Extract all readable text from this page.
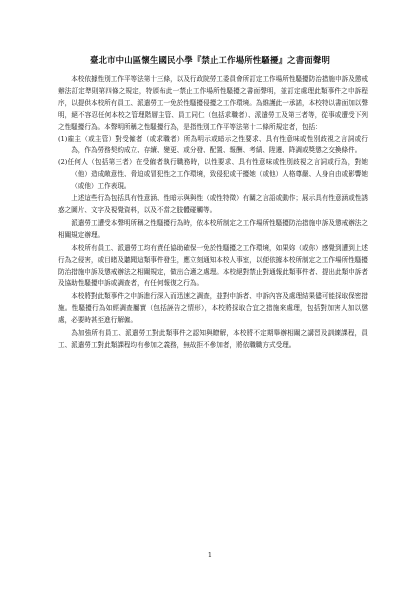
臺北市中山區懷生國民小學『禁止工作場所性騷擾』之書面聲明

本校依據性別工作平等法第十三條，以及行政院勞工委員會所訂定工作場所性騷擾防治措施申訴及懲戒辦法訂定準則第四條之規定，特頒布此一禁止工作場所性騷擾之書面聲明，並訂定處理此類事件之申訴程序，以提供本校所有員工、派遣勞工一免於性騷擾侵擾之工作環境。為維護此一承諾，本校特以書面加以聲明，絕不容忍任何本校之管理階層主管、員工同仁（包括求職者）、派遣勞工及第三者等，從事或遭受下列之性騷擾行為。本聲明所稱之性騷擾行為，是指性別工作平等法第十二條所規定者，包括：

(1)雇主（或主管）對受僱者（或求職者）所為明示或暗示之性要求、具有性意味或性別歧視之言詞或行為，作為勞務契約成立、存續、變更、或分發、配置、報酬、考績、陞遷、降調或獎懲之交換條件。
(2)任何人（包括第三者）在受僱者執行職務時，以性要求、具有性意味或性別歧視之言詞或行為，對她（他）造成敵意性、脅迫或冒犯性之工作環境，致侵犯或干擾她（或他）人格尊嚴、人身自由或影響她（或他）工作表現。

上述這些行為包括具有性意涵、性暗示與與性（或性特徵）有關之言語或動作；展示具有性意涵或性誘惑之圖片、文字及視覺資料，以及不當之肢體碰觸等。

派遣勞工遭受本聲明所稱之性騷擾行為時，依本校所制定之工作場所性騷擾防治措施申訴及懲戒辦法之相關規定辦理。

本校所有員工、派遣勞工均有責任協助確保一免於性騷擾之工作環境，如果妳（或你）感覺到遭到上述行為之侵害，或目睹及聽聞這類事件發生，應立刻通知本校人事室，以便依據本校所制定之工作場所性騷擾防治措施申訴及懲戒辦法之相關規定，做出合適之處理。本校絕對禁止對通報此類事件者、提出此類申訴者及協助性騷擾申訴或調查者，有任何報復之行為。

本校將對此類事件之申訴進行深入而迅速之調查，並對申訴者、申訴內容及處理結果儘可能採取保密措施。性騷擾行為如經調查屬實（包括誣告之情形），本校將採取合宜之措施來處理，包括對加害人加以懲處，必要時甚至進行解僱。

為加強所有員工、派遣勞工對此類事件之認知與瞭解，本校將不定期舉辦相關之講習及訓練課程，員工、派遣勞工對此類課程均有參加之義務，無故拒不參加者，將依職職方式受理。

1
